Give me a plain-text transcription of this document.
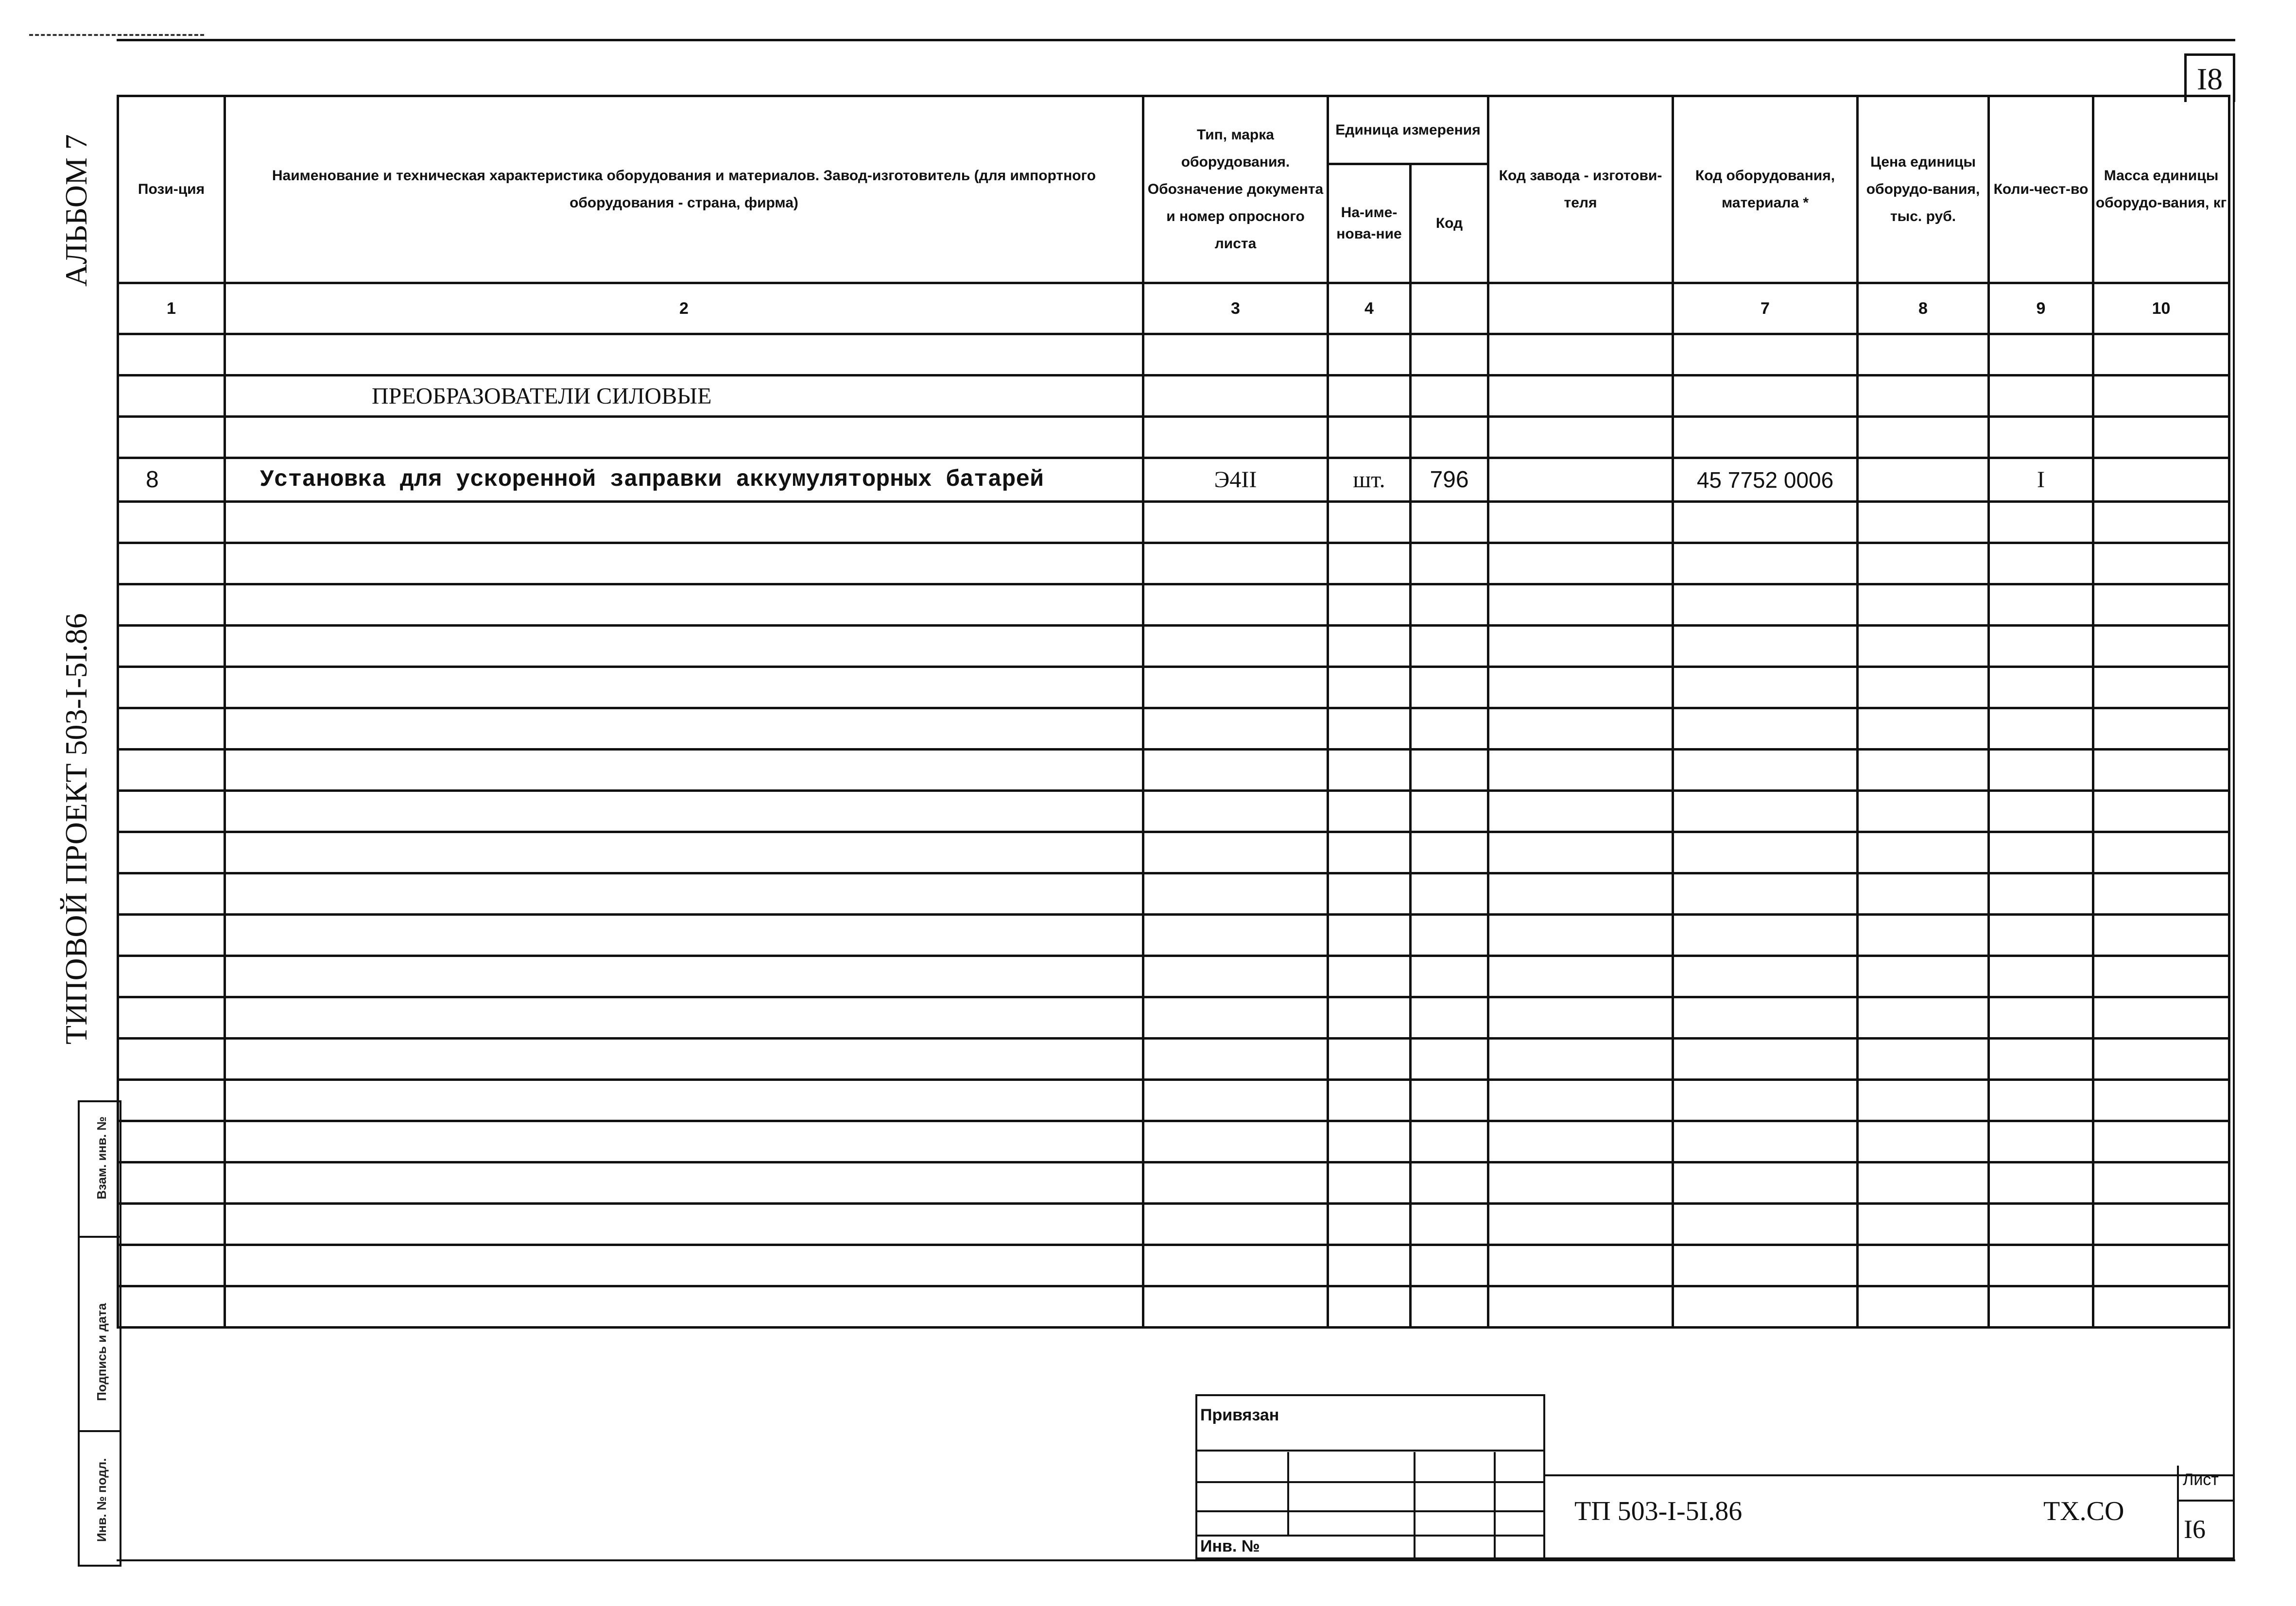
I8
АЛЬБОМ 7
ТИПОВОЙ ПРОЕКТ 503-I-5I.86
Взам. инв. №
Подпись и дата
Инв. № подл.
Пози-ция	Наименование и техническая характеристика оборудования и материалов. Завод-изготовитель (для импортного оборудования - страна, фирма)	Тип, марка оборудования. Обозначение документа и номер опросного листа	Единица измерения		Код завода - изготови-теля	Код оборудования, материала *	Цена единицы оборудо-вания, тыс. руб.	Коли-чест-во	Масса единицы оборудо-вания, кг
			На-име-нова-ние	Код					
1	2	3	4			7	8	9	10

	ПРЕОБРАЗОВАТЕЛИ СИЛОВЫЕ								

8	Установка для ускоренной заправки аккумуляторных батарей	Э4II	шт.	796		45 7752 0006		I	

Привязан
Инв. №
ТП 503-I-5I.86	ТХ.СО
Лист
I6
